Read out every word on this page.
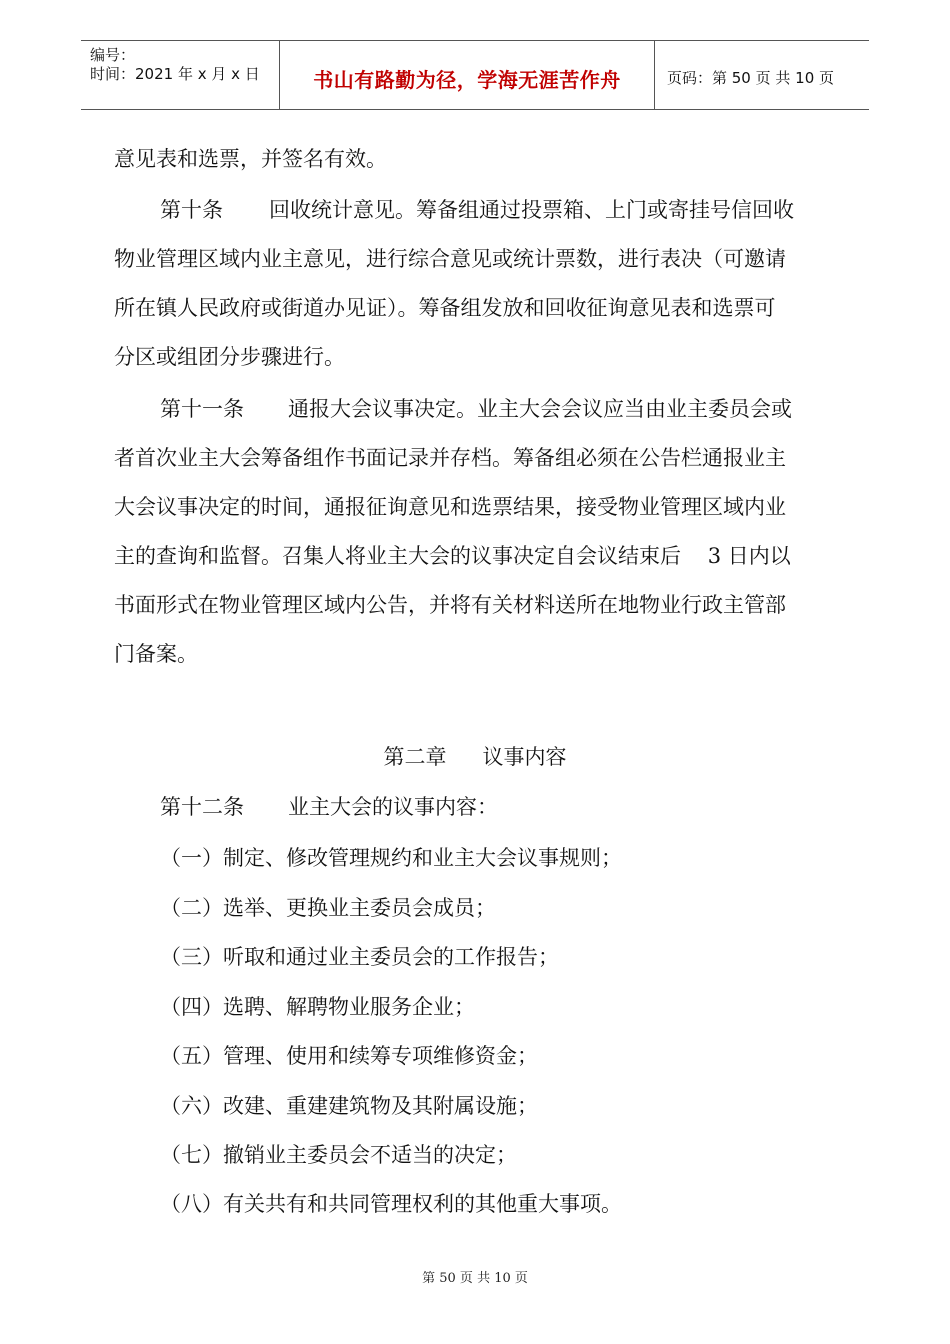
编号：
时间：2021 年 x 月 x 日	书山有路勤为径，学海无涯苦作舟	页码：第 50 页 共 10 页
意见表和选票，并签名有效。
第十条 回收统计意见。筹备组通过投票箱、上门或寄挂号信回收
物业管理区域内业主意见，进行综合意见或统计票数，进行表决（可邀请
所在镇人民政府或街道办见证）。筹备组发放和回收征询意见表和选票可
分区或组团分步骤进行。
第十一条 通报大会议事决定。业主大会会议应当由业主委员会或
者首次业主大会筹备组作书面记录并存档。筹备组必须在公告栏通报业主
大会议事决定的时间，通报征询意见和选票结果，接受物业管理区域内业
主的查询和监督。召集人将业主大会的议事决定自会议结束后    3 日内以
书面形式在物业管理区域内公告，并将有关材料送所在地物业行政主管部
门备案。
第二章 议事内容
第十二条 业主大会的议事内容：
（一）制定、修改管理规约和业主大会议事规则；
（二）选举、更换业主委员会成员；
（三）听取和通过业主委员会的工作报告；
（四）选聘、解聘物业服务企业；
（五）管理、使用和续筹专项维修资金；
（六）改建、重建建筑物及其附属设施；
（七）撤销业主委员会不适当的决定；
（八）有关共有和共同管理权利的其他重大事项。
第 50 页 共 10 页
